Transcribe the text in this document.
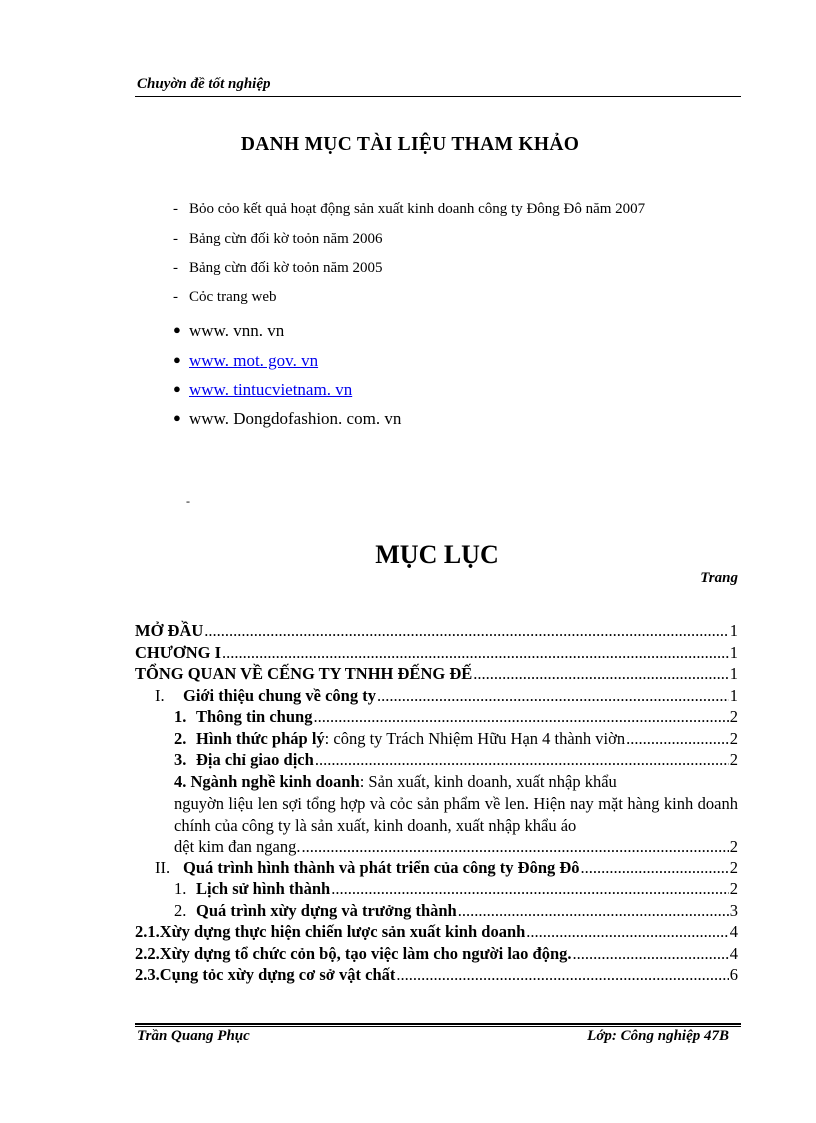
Chuyờn đề tốt nghiệp
DANH MỤC TÀI LIỆU THAM KHẢO
- Bỏo cỏo kết quả hoạt động sản xuất kinh doanh công ty Đông Đô năm 2007
- Bảng cừn đối kờ toỏn năm 2006
- Bảng cừn đối kờ toỏn năm 2005
- Cỏc trang web
● www. vnn. vn
● www. mot. gov. vn
● www. tintucvietnam. vn
● www. Dongdofashion. com. vn
-
MỤC LỤC
Trang
MỞ ĐẦU .....	1
CHƯƠNG I .....	1
TỔNG QUAN VỀ CẾNG TY TNHH ĐẾNG ĐẾ .....	1
I. Giới thiệu chung về công ty .....	1
1. Thông tin chung .....	2
2. Hình thức pháp lý: công ty Trách Nhiệm Hữu Hạn 4 thành viờn .....	2
3. Địa chỉ giao dịch .....	2
4. Ngành nghề kinh doanh: Sản xuất, kinh doanh, xuất nhập khẩu
nguyờn liệu len sợi tổng hợp và cỏc sản phẩm về len. Hiện nay mặt hàng kinh doanh chính của công ty là sản xuất, kinh doanh, xuất nhập khẩu áo
dệt kim đan ngang. .....	2
II. Quá trình hình thành và phát triển của công ty Đông Đô .....	2
1. Lịch sử hình thành .....	2
2. Quá trình xừy dựng và trưởng thành .....	3
2.1.Xừy dựng thực hiện chiến lược sản xuất kinh doanh .....	4
2.2.Xừy dựng tổ chức cỏn bộ, tạo việc làm cho người lao động. .....	4
2.3.Cụng tỏc xừy dựng cơ sở vật chất .....	6
Trần Quang Phục	Lớp: Công nghiệp 47B
